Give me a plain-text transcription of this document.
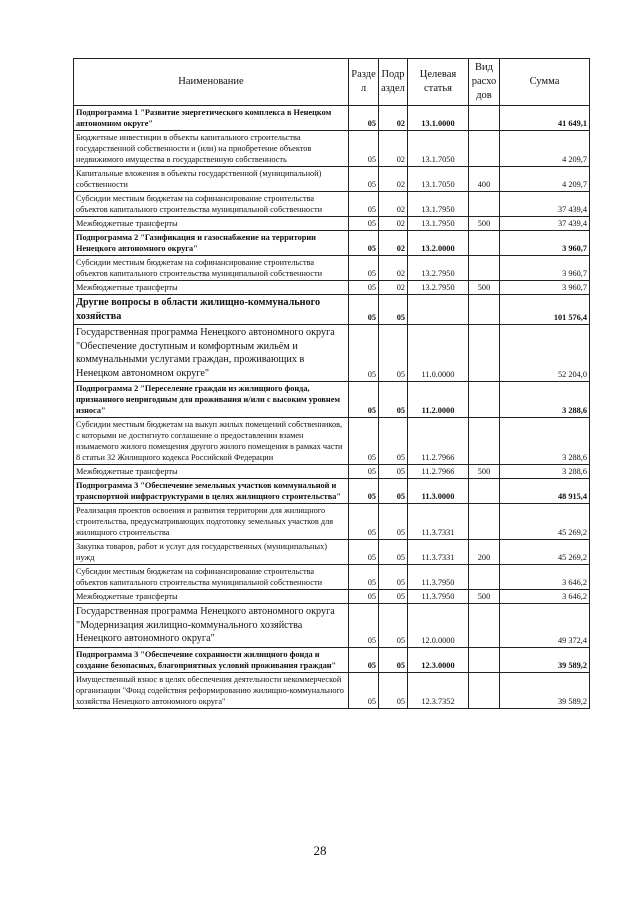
Наименование	Разде л	Подр аздел	Целевая статья	Вид расхо дов	Сумма
Подпрограмма 1 "Развитие энергетического комплекса в Ненецком автономном округе"	05	02	13.1.0000		41 649,1
Бюджетные инвестиции в объекты капитального строительства государственной собственности и (или) на приобретение объектов недвижимого имущества в государственную собственность	05	02	13.1.7050		4 209,7
Капитальные вложения в объекты государственной (муниципальной) собственности	05	02	13.1.7050	400	4 209,7
Субсидии местным бюджетам на софинансирование строительства объектов капитального строительства муниципальной собственности	05	02	13.1.7950		37 439,4
Межбюджетные трансферты	05	02	13.1.7950	500	37 439,4
Подпрограмма 2 "Газификация и газоснабжение на территории Ненецкого автономного округа"	05	02	13.2.0000		3 960,7
Субсидии местным бюджетам на софинансирование строительства объектов капитального строительства муниципальной собственности	05	02	13.2.7950		3 960,7
Межбюджетные трансферты	05	02	13.2.7950	500	3 960,7
Другие вопросы в области жилищно-коммунального хозяйства	05	05			101 576,4
Государственная программа Ненецкого автономного округа "Обеспечение доступным и комфортным жильём и коммунальными услугами граждан, проживающих в Ненецком автономном округе"	05	05	11.0.0000		52 204,0
Подпрограмма 2 "Переселение граждан из жилищного фонда, признанного непригодным для проживания и/или с высоким уровнем износа"	05	05	11.2.0000		3 288,6
Субсидии местным бюджетам на выкуп жилых помещений собственников, с которыми не достигнуто соглашение о предоставлении взамен изымаемого жилого помещения другого жилого помещения в рамках части 8 статьи 32 Жилищного кодекса Российской Федерации	05	05	11.2.7966		3 288,6
Межбюджетные трансферты	05	05	11.2.7966	500	3 288,6
Подпрограмма 3 "Обеспечение земельных участков коммунальной и транспортной инфраструктурами в целях жилищного строительства"	05	05	11.3.0000		48 915,4
Реализация проектов освоения и развития территории для жилищного строительства, предусматривающих подготовку земельных участков для жилищного строительства	05	05	11.3.7331		45 269,2
Закупка товаров, работ и услуг для государственных (муниципальных) нужд	05	05	11.3.7331	200	45 269,2
Субсидии местным бюджетам на софинансирование строительства объектов капитального строительства муниципальной собственности	05	05	11.3.7950		3 646,2
Межбюджетные трансферты	05	05	11.3.7950	500	3 646,2
Государственная программа Ненецкого автономного округа "Модернизация жилищно-коммунального хозяйства Ненецкого автономного округа"	05	05	12.0.0000		49 372,4
Подпрограмма 3 "Обеспечение сохранности жилищного фонда и создание безопасных, благоприятных условий проживания граждан"	05	05	12.3.0000		39 589,2
Имущественный взнос в целях обеспечения деятельности некоммерческой организации "Фонд содействия реформированию жилищно-коммунального хозяйства Ненецкого автономного округа"	05	05	12.3.7352		39 589,2
28
